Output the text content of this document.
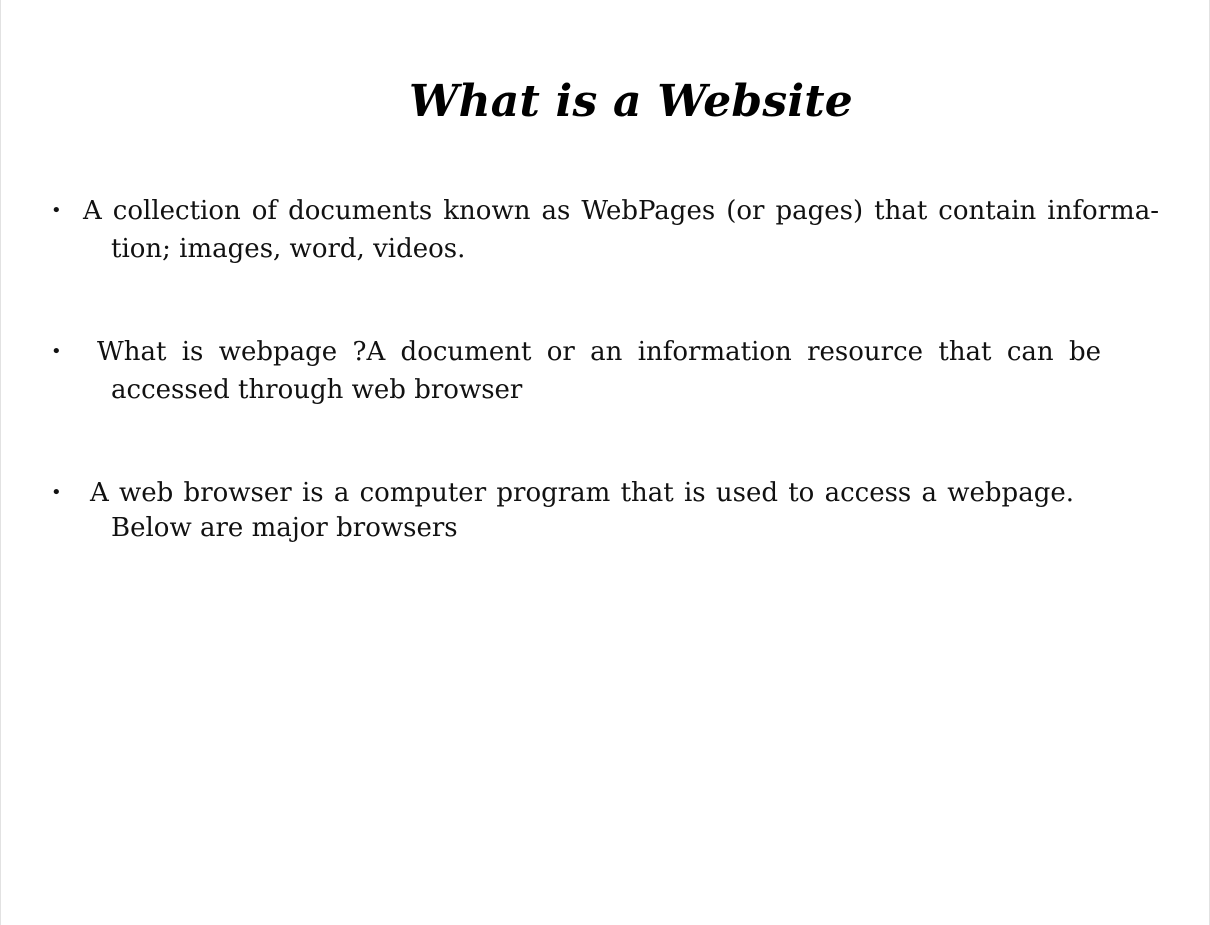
What is a Website
• A collection of documents known as WebPages (or pages) that contain informa-
tion; images, word, videos.
• What is webpage ?A document or an information resource that can be
accessed through web browser
• A web browser is a computer program that is used to access a webpage.
Below are major browsers
